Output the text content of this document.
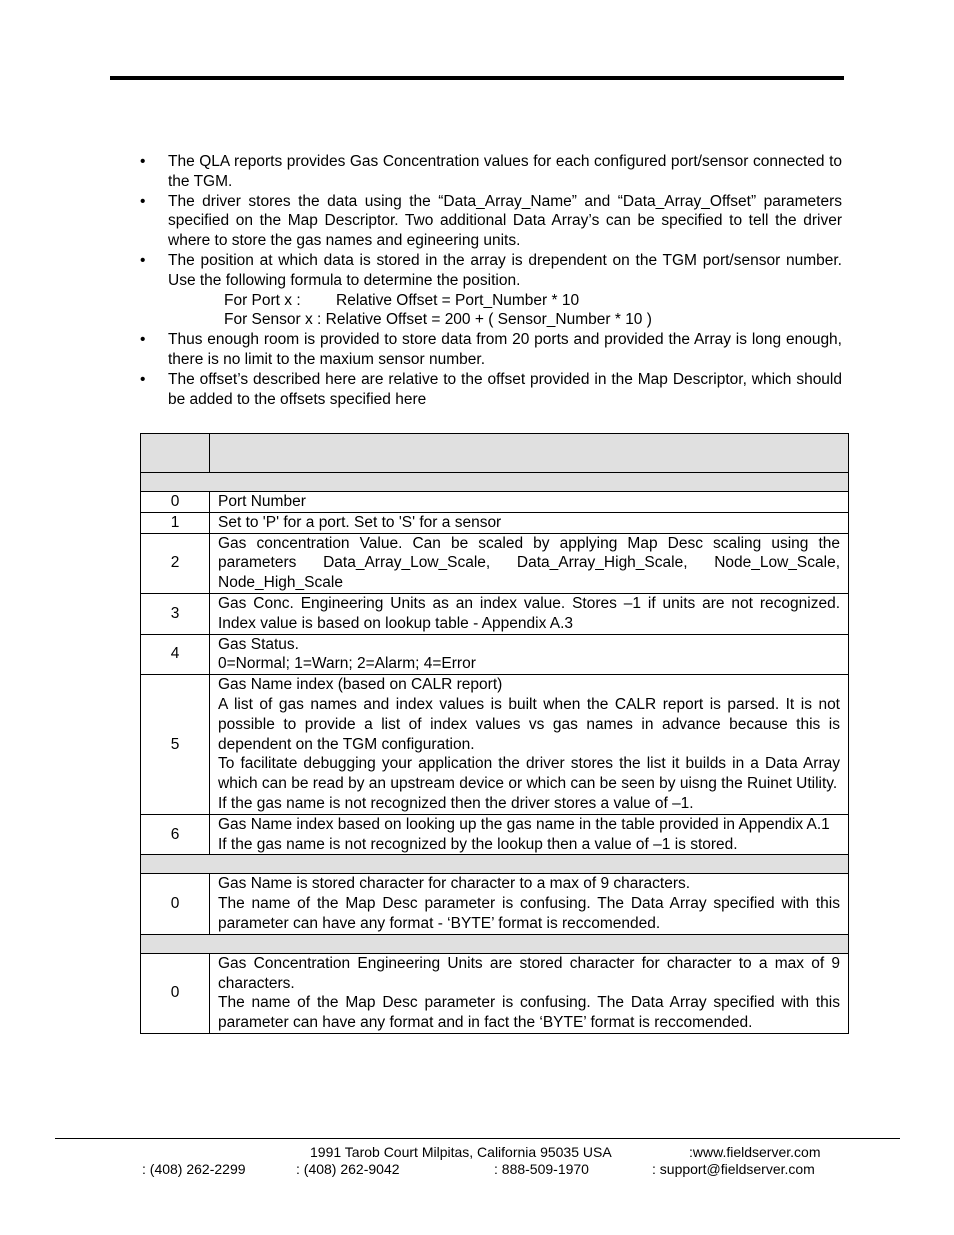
• The QLA reports provides Gas Concentration values for each configured port/sensor connected to the TGM.
• The driver stores the data using the “Data_Array_Name” and “Data_Array_Offset” parameters specified on the Map Descriptor. Two additional Data Array’s can be specified to tell the driver where to store the gas names and egineering units.
• The position at which data is stored in the array is drependent on the TGM port/sensor number. Use the following formula to determine the position.
For Port x : Relative Offset = Port_Number * 10
For Sensor x : Relative Offset = 200 + ( Sensor_Number * 10 )
• Thus enough room is provided to store data from 20 ports and provided the Array is long enough, there is no limit to the maxium sensor number.
• The offset’s described here are relative to the offset provided in the Map Descriptor, which should be added to the offsets specified here

0	Port Number

1	Set to 'P' for a port. Set to 'S' for a sensor

2	Gas concentration Value. Can be scaled by applying Map Desc scaling using the parameters Data_Array_Low_Scale, Data_Array_High_Scale, Node_Low_Scale, Node_High_Scale

3	Gas Conc. Engineering Units as an index value. Stores –1 if units are not recognized. Index value is based on lookup table - Appendix A.3

4	Gas Status.
0=Normal; 1=Warn; 2=Alarm; 4=Error

5	Gas Name index (based on CALR report)
A list of gas names and index values is built when the CALR report is parsed. It is not possible to provide a list of index values vs gas names in advance because this is dependent on the TGM configuration.
To facilitate debugging your application the driver stores the list it builds in a Data Array which can be read by an upstream device or which can be seen by uisng the Ruinet Utility.
If the gas name is not recognized then the driver stores a value of –1.

6	Gas Name index based on looking up the gas name in the table provided in Appendix A.1
If the gas name is not recognized by the lookup then a value of –1 is stored.

0	Gas Name is stored character for character to a max of 9 characters.
The name of the Map Desc parameter is confusing. The Data Array specified with this parameter can have any format - ‘BYTE’ format is reccomended.

0	Gas Concentration Engineering Units are stored character for character to a max of 9 characters.
The name of the Map Desc parameter is confusing. The Data Array specified with this parameter can have any format and in fact the ‘BYTE’ format is reccomended.
1991 Tarob Court Milpitas, California 95035 USA	:www.fieldserver.com
: (408) 262-2299	: (408) 262-9042	: 888-509-1970	: support@fieldserver.com
